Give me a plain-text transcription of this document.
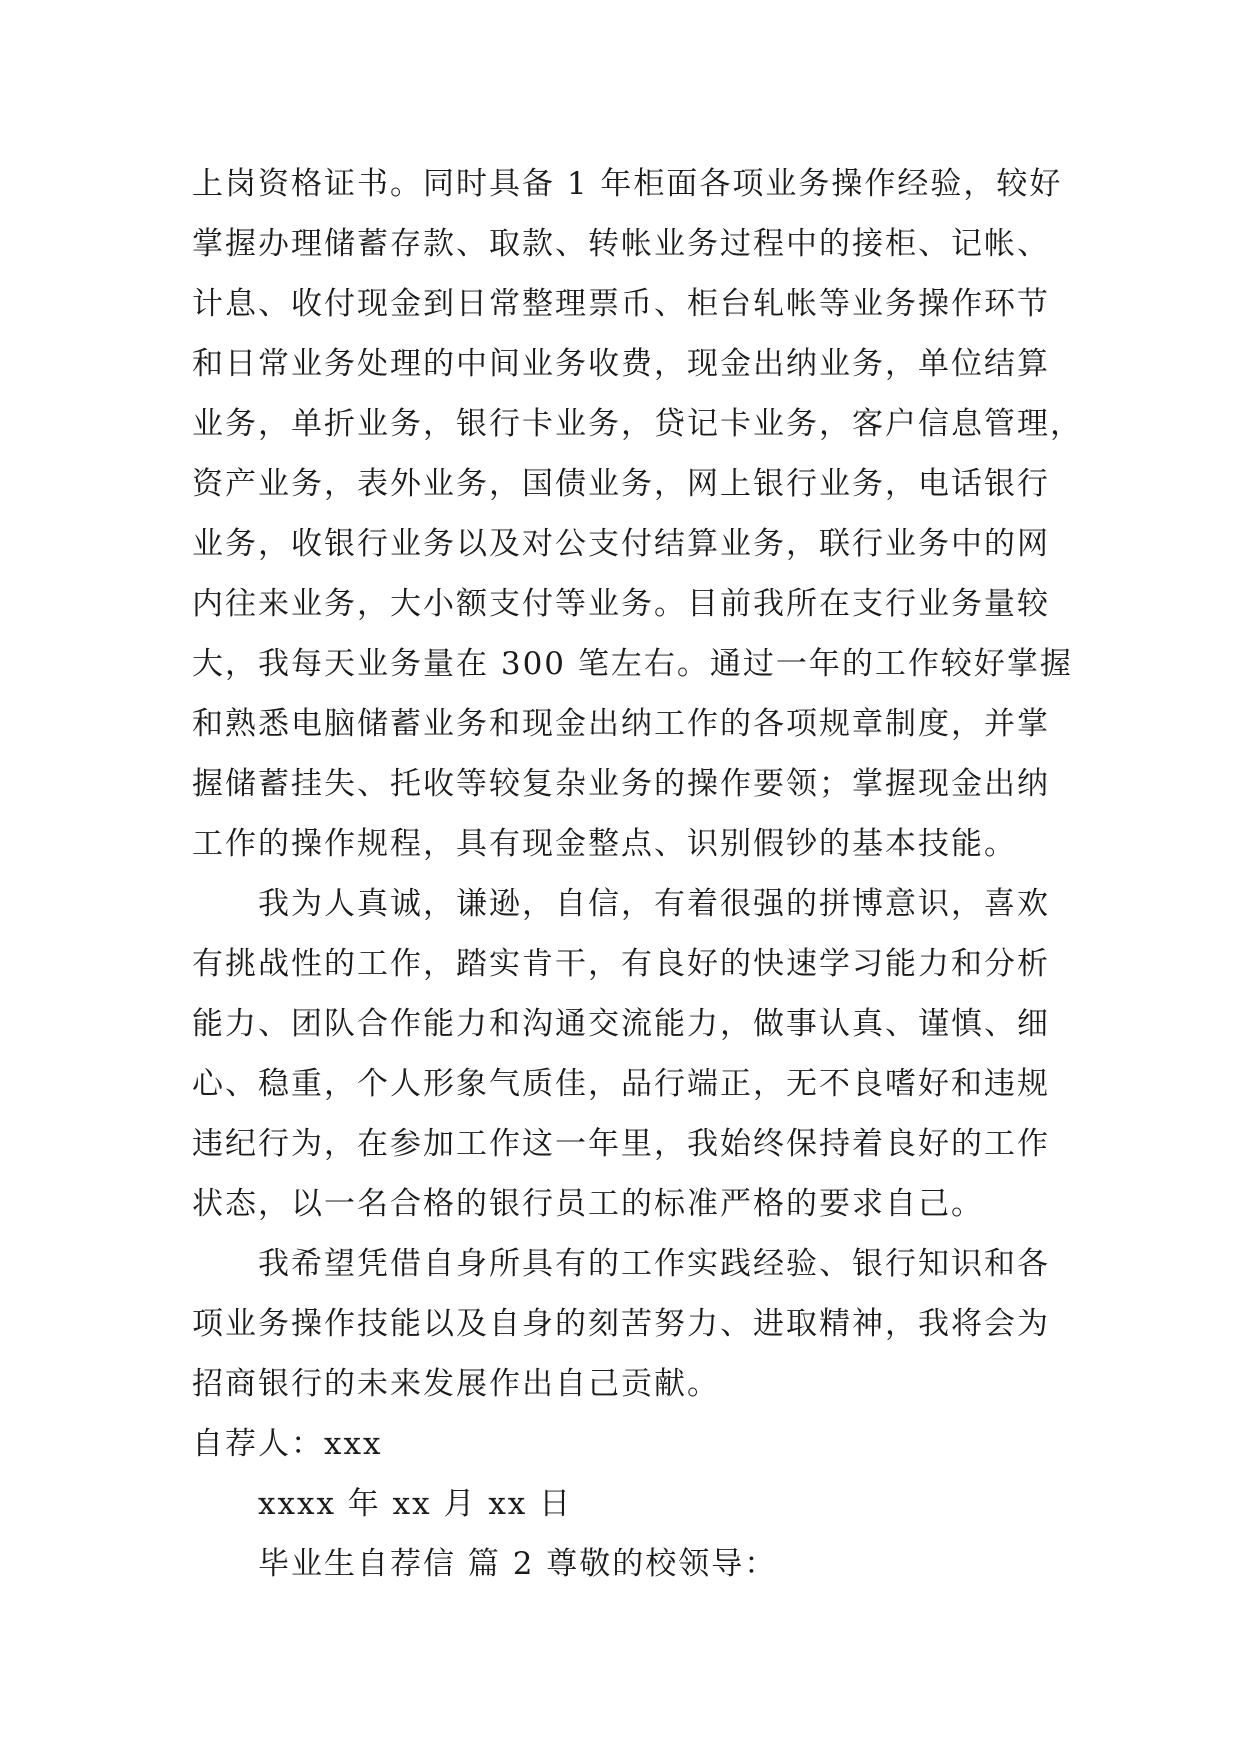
上岗资格证书。同时具备 1 年柜面各项业务操作经验，较好
掌握办理储蓄存款、取款、转帐业务过程中的接柜、记帐、
计息、收付现金到日常整理票币、柜台轧帐等业务操作环节
和日常业务处理的中间业务收费，现金出纳业务，单位结算
业务，单折业务，银行卡业务，贷记卡业务，客户信息管理，
资产业务，表外业务，国债业务，网上银行业务，电话银行
业务，收银行业务以及对公支付结算业务，联行业务中的网
内往来业务，大小额支付等业务。目前我所在支行业务量较
大，我每天业务量在 300 笔左右。通过一年的工作较好掌握
和熟悉电脑储蓄业务和现金出纳工作的各项规章制度，并掌
握储蓄挂失、托收等较复杂业务的操作要领；掌握现金出纳
工作的操作规程，具有现金整点、识别假钞的基本技能。
我为人真诚，谦逊，自信，有着很强的拼博意识，喜欢
有挑战性的工作，踏实肯干，有良好的快速学习能力和分析
能力、团队合作能力和沟通交流能力，做事认真、谨慎、细
心、稳重，个人形象气质佳，品行端正，无不良嗜好和违规
违纪行为，在参加工作这一年里，我始终保持着良好的工作
状态，以一名合格的银行员工的标准严格的要求自己。
我希望凭借自身所具有的工作实践经验、银行知识和各
项业务操作技能以及自身的刻苦努力、进取精神，我将会为
招商银行的未来发展作出自己贡献。
自荐人：xxx
xxxx 年 xx 月 xx 日
毕业生自荐信 篇 2 尊敬的校领导：
